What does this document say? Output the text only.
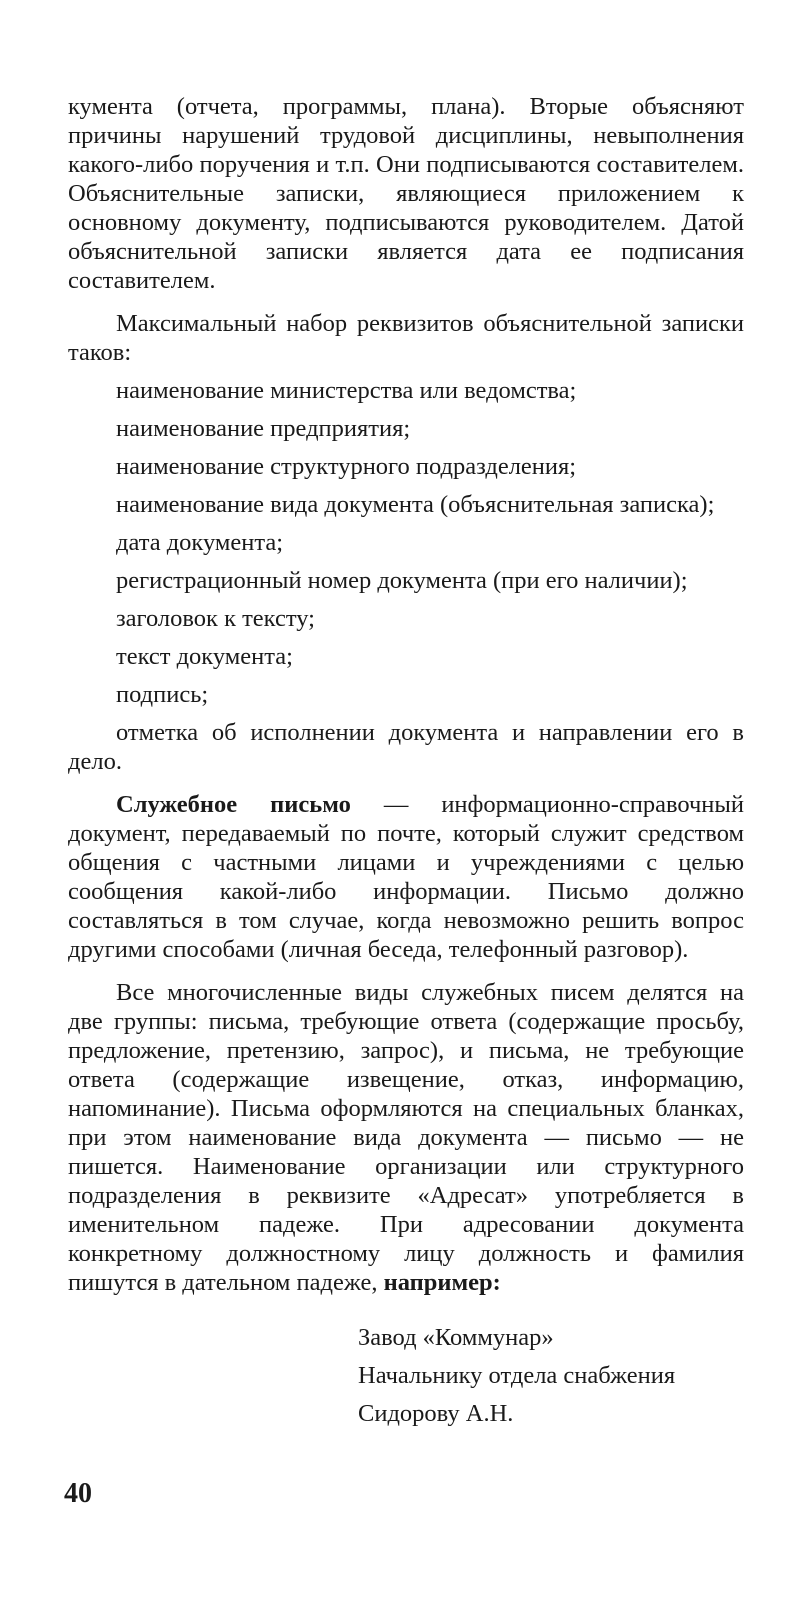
кумента (отчета, программы, плана). Вторые объясняют причины нарушений трудовой дисциплины, невыполнения какого-либо поручения и т.п. Они подписываются составителем. Объяснительные записки, являющиеся приложением к основному документу, подписываются руководителем. Датой объяснительной записки является дата ее подписания составителем.

Максимальный набор реквизитов объяснительной записки таков:

наименование министерства или ведомства;

наименование предприятия;

наименование структурного подразделения;

наименование вида документа (объяснительная записка);

дата документа;

регистрационный номер документа (при его наличии);

заголовок к тексту;

текст документа;

подпись;

отметка об исполнении документа и направлении его в дело.

Служебное письмо — информационно-справочный документ, передаваемый по почте, который служит средством общения с частными лицами и учреждениями с целью сообщения какой-либо информации. Письмо должно составляться в том случае, когда невозможно решить вопрос другими способами (личная беседа, телефонный разговор).

Все многочисленные виды служебных писем делятся на две группы: письма, требующие ответа (содержащие просьбу, предложение, претензию, запрос), и письма, не требующие ответа (содержащие извещение, отказ, информацию, напоминание). Письма оформляются на специальных бланках, при этом наименование вида документа — письмо — не пишется. Наименование организации или структурного подразделения в реквизите «Адресат» употребляется в именительном падеже. При адресовании документа конкретному должностному лицу должность и фамилия пишутся в дательном падеже, например:

Завод «Коммунар»
Начальнику отдела снабжения
Сидорову А.Н.
40
